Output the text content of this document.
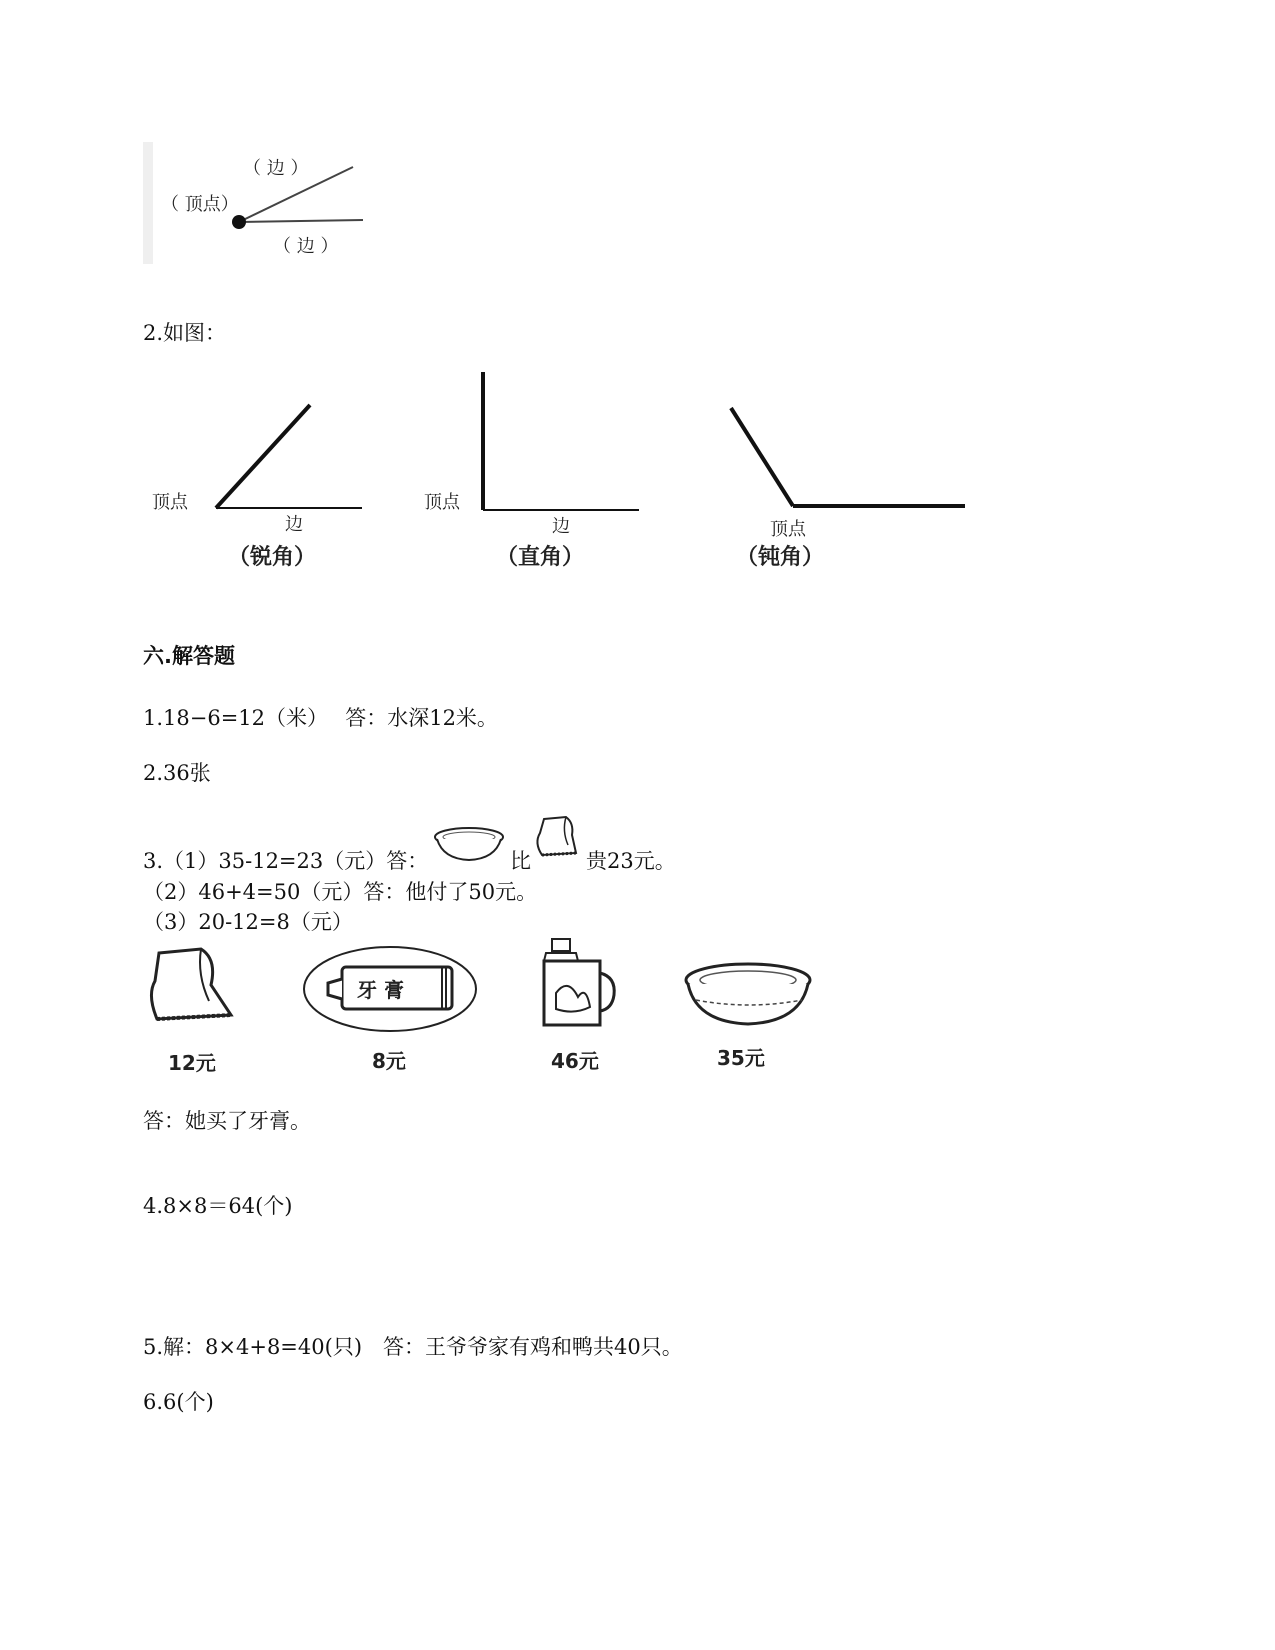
（ 边 ）
（ 顶点）
（ 边 ）
2.如图：
顶点
边
（锐角）
顶点
边
（直角）
顶点
（钝角）
六.解答题
1.18−6=12（米）　 答：水深12米。
2.36张
3.（1）35-12=23（元）答：	比	贵23元。
（2）46+4=50（元）答：他付了50元。
（3）20-12=8（元）
12元
牙 膏
8元	46元	35元
答：她买了牙膏。
4.8×8＝64(个)
5.解：8×4+8=40(只)　答：王爷爷家有鸡和鸭共40只。
6.6(个)
